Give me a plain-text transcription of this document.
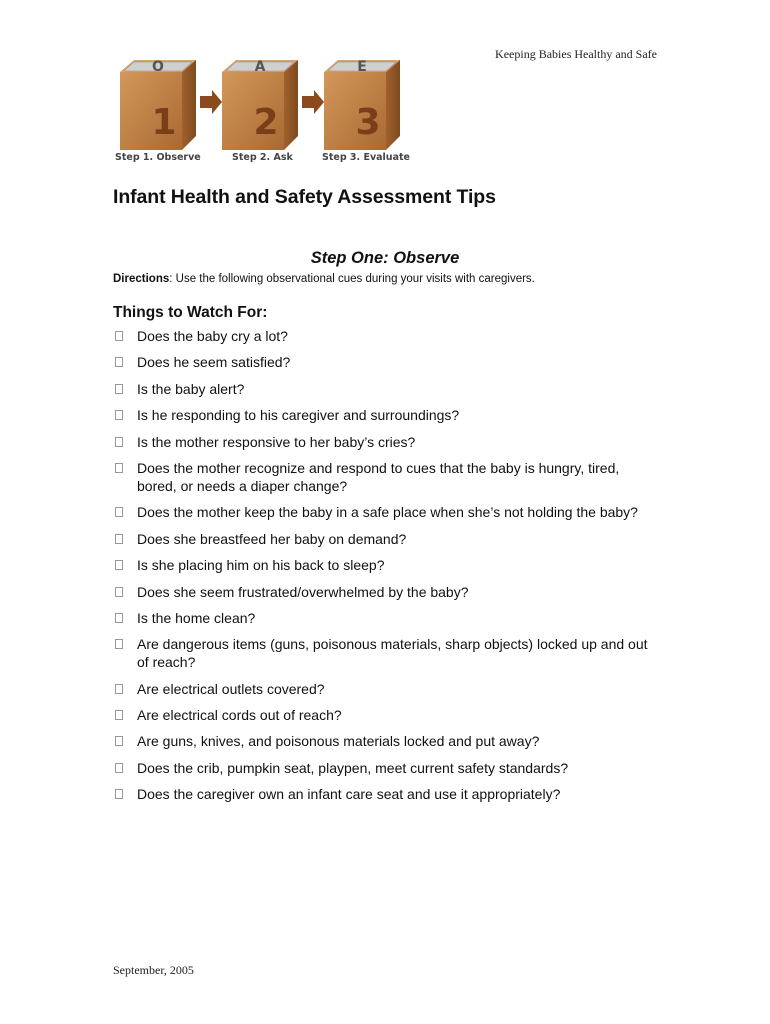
Keeping Babies Healthy and Safe
O
1
A
2
E
3
Step 1. Observe	Step 2. Ask	Step 3. Evaluate
Infant Health and Safety Assessment Tips
Step One: Observe
Directions: Use the following observational cues during your visits with caregivers.
Things to Watch For:
Does the baby cry a lot?
Does he seem satisfied?
Is the baby alert?
Is he responding to his caregiver and surroundings?
Is the mother responsive to her baby’s cries?
Does the mother recognize and respond to cues that the baby is hungry, tired, bored, or needs a diaper change?
Does the mother keep the baby in a safe place when she’s not holding the baby?
Does she breastfeed her baby on demand?
Is she placing him on his back to sleep?
Does she seem frustrated/overwhelmed by the baby?
Is the home clean?
Are dangerous items (guns, poisonous materials, sharp objects) locked up and out of reach?
Are electrical outlets covered?
Are electrical cords out of reach?
Are guns, knives, and poisonous materials locked and put away?
Does the crib, pumpkin seat, playpen, meet current safety standards?
Does the caregiver own an infant care seat and use it appropriately?
September, 2005
